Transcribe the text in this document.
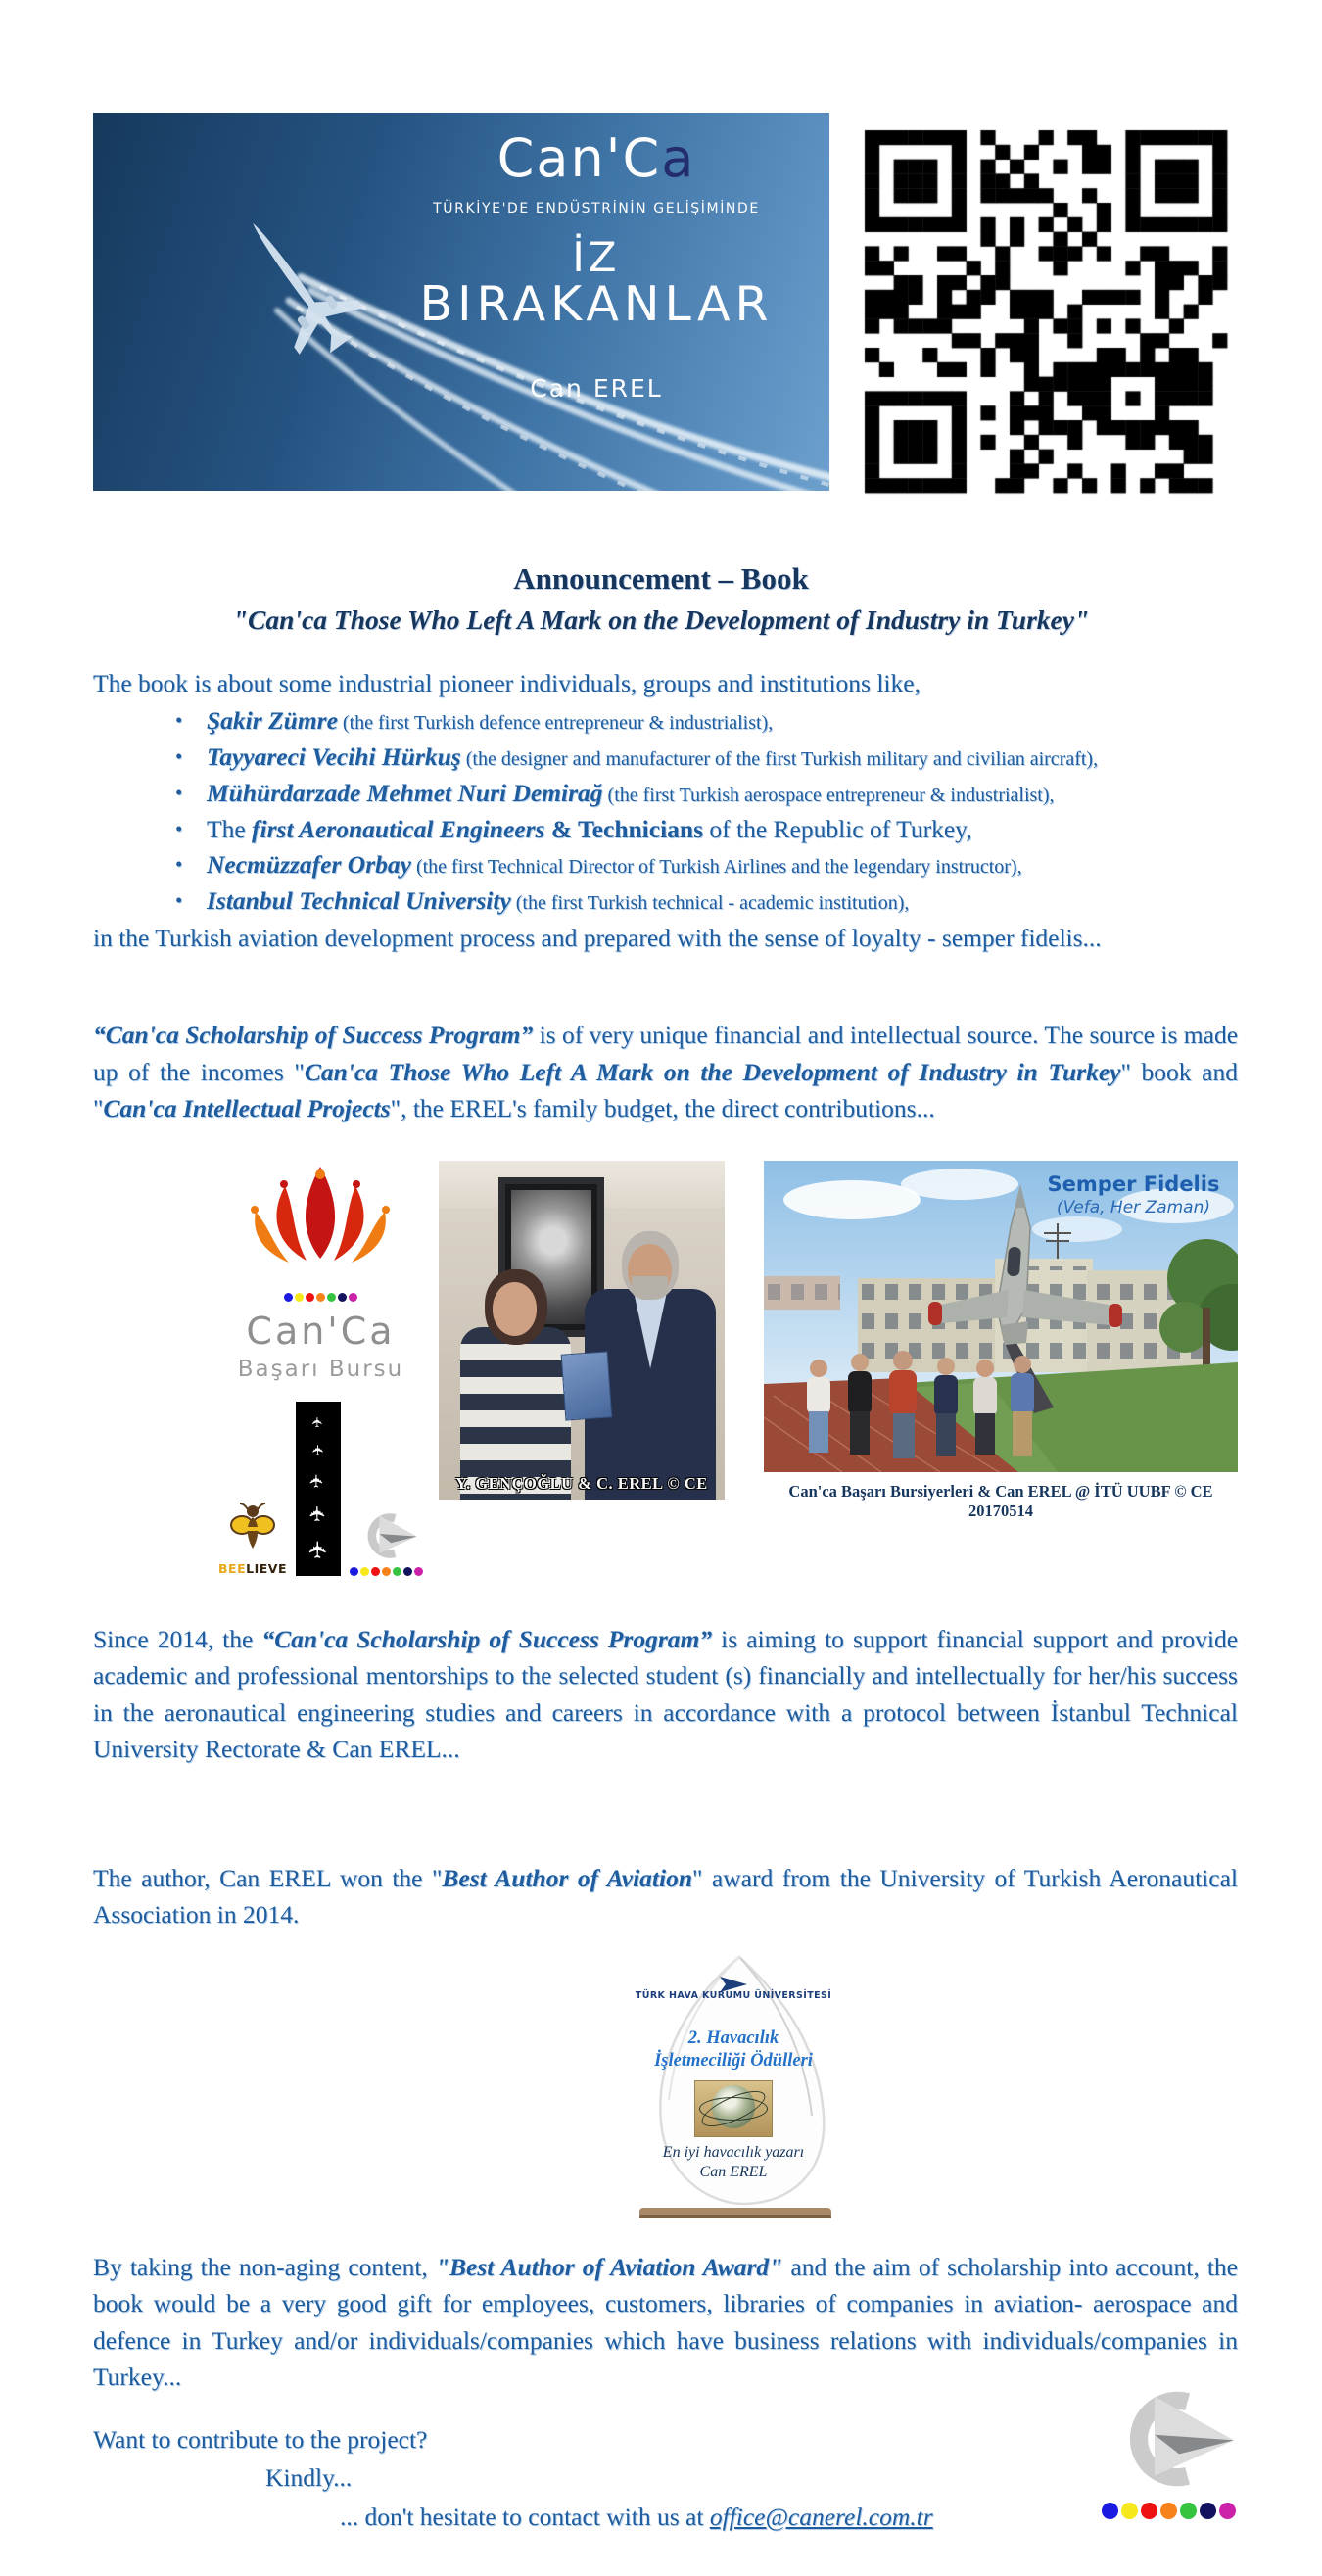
Can'Ca
TÜRKİYE'DE ENDÜSTRİNİN GELİŞİMİNDE
İZ
BIRAKANLAR
Can EREL
Announcement – Book
"Can'ca Those Who Left A Mark on the Development of Industry in Turkey"

The book is about some industrial pioneer individuals, groups and institutions like,

• Şakir Zümre (the first Turkish defence entrepreneur & industrialist),
• Tayyareci Vecihi Hürkuş (the designer and manufacturer of the first Turkish military and civilian aircraft),
• Mühürdarzade Mehmet Nuri Demirağ (the first Turkish aerospace entrepreneur & industrialist),
• The first Aeronautical Engineers & Technicians of the Republic of Turkey,
• Necmüzzafer Orbay (the first Technical Director of Turkish Airlines and the legendary instructor),
• Istanbul Technical University (the first Turkish technical - academic institution),

in the Turkish aviation development process and prepared with the sense of loyalty - semper fidelis...

“Can'ca Scholarship of Success Program” is of very unique financial and intellectual source. The source is made up of the incomes "Can'ca Those Who Left A Mark on the Development of Industry in Turkey" book and "Can'ca Intellectual Projects", the EREL's family budget, the direct contributions...

Can'Ca
Başarı Bursu
BEELIEVE
✈
✈
✈
✈
✈
Y. GENÇOĞLU & C. EREL © CE
Semper Fidelis
(Vefa, Her Zaman)
Can'ca Başarı Bursiyerleri & Can EREL @ İTÜ UUBF © CE 20170514

Since 2014, the “Can'ca Scholarship of Success Program” is aiming to support financial support and provide academic and professional mentorships to the selected student (s) financially and intellectually for her/his success in the aeronautical engineering studies and careers in accordance with a protocol between İstanbul Technical University Rectorate & Can EREL...

The author, Can EREL won the "Best Author of Aviation" award from the University of Turkish Aeronautical Association in 2014.

TÜRK HAVA KURUMU ÜNİVERSİTESİ
2. Havacılık
İşletmeciliği Ödülleri
En iyi havacılık yazarı
Can EREL

By taking the non-aging content, "Best Author of Aviation Award" and the aim of scholarship into account, the book would be a very good gift for employees, customers, libraries of companies in aviation- aerospace and defence in Turkey and/or individuals/companies which have business relations with individuals/companies in Turkey...

Want to contribute to the project?

Kindly...

... don't hesitate to contact with us at office@canerel.com.tr
